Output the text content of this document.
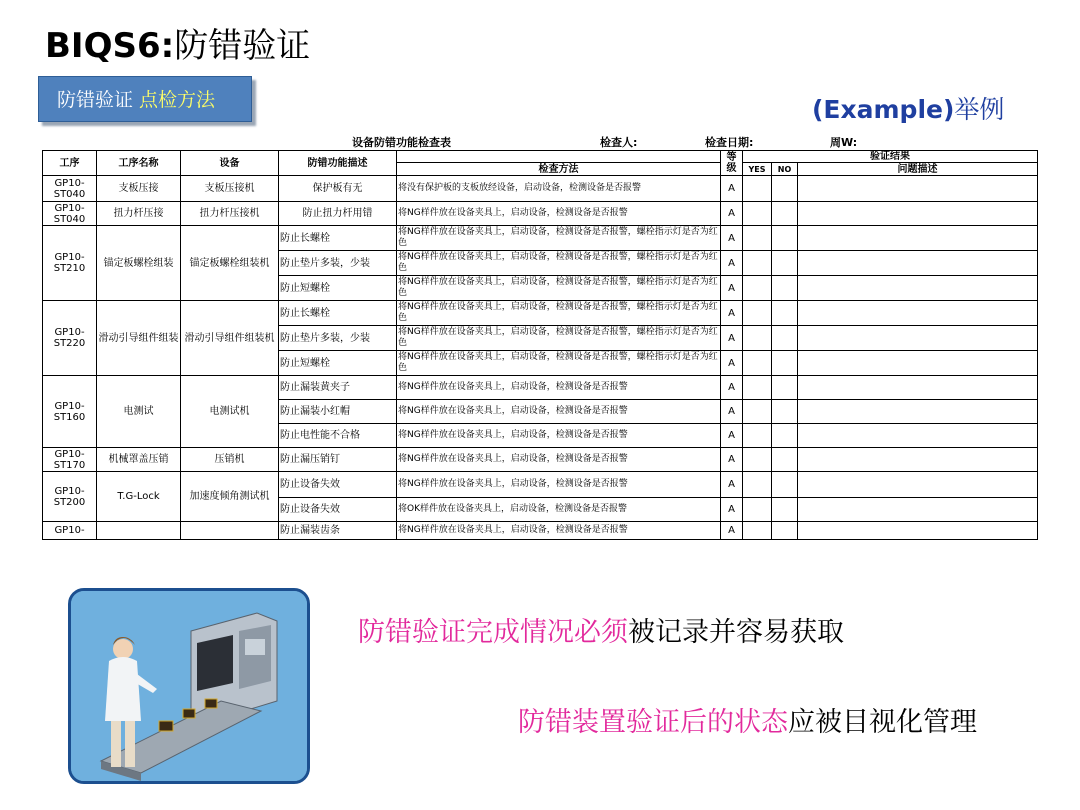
BIQS6:防错验证
防错验证 点检方法	(Example)举例
设备防错功能检查表	检查人:	检查日期:	周W:
工序	工序名称	设备	防错功能描述		等级	验证结果		
				检查方法		YES	NO	问题描述
GP10-ST040	支板压接	支板压接机	保护板有无	将没有保护板的支板放经设备，启动设备，检测设备是否报警	A			
GP10-ST040	扭力杆压接	扭力杆压接机	防止扭力杆用错	将NG样件放在设备夹具上，启动设备，检测设备是否报警	A			
GP10-ST210	锚定板螺栓组装	锚定板螺栓组装机	防止长螺栓	将NG样件放在设备夹具上，启动设备，检测设备是否报警，螺栓指示灯是否为红色	A			
			防止垫片多装，少装	将NG样件放在设备夹具上，启动设备，检测设备是否报警，螺栓指示灯是否为红色	A			
			防止短螺栓	将NG样件放在设备夹具上，启动设备，检测设备是否报警，螺栓指示灯是否为红色	A			
GP10-ST220	滑动引导组件组装	滑动引导组件组装机	防止长螺栓	将NG样件放在设备夹具上，启动设备，检测设备是否报警，螺栓指示灯是否为红色	A			
			防止垫片多装，少装	将NG样件放在设备夹具上，启动设备，检测设备是否报警，螺栓指示灯是否为红色	A			
			防止短螺栓	将NG样件放在设备夹具上，启动设备，检测设备是否报警，螺栓指示灯是否为红色	A			
GP10-ST160	电测试	电测试机	防止漏装黄夹子	将NG样件放在设备夹具上，启动设备，检测设备是否报警	A			
			防止漏装小红帽	将NG样件放在设备夹具上，启动设备，检测设备是否报警	A			
			防止电性能不合格	将NG样件放在设备夹具上，启动设备，检测设备是否报警	A			
GP10-ST170	机械罩盖压销	压销机	防止漏压销钉	将NG样件放在设备夹具上，启动设备，检测设备是否报警	A			
GP10-ST200	T.G-Lock	加速度倾角测试机	防止设备失效	将NG样件放在设备夹具上，启动设备，检测设备是否报警	A			
			防止设备失效	将OK样件放在设备夹具上，启动设备，检测设备是否报警	A			
GP10-			防止漏装齿条	将NG样件放在设备夹具上，启动设备，检测设备是否报警	A			
防错验证完成情况必须被记录并容易获取
防错装置验证后的状态应被目视化管理
